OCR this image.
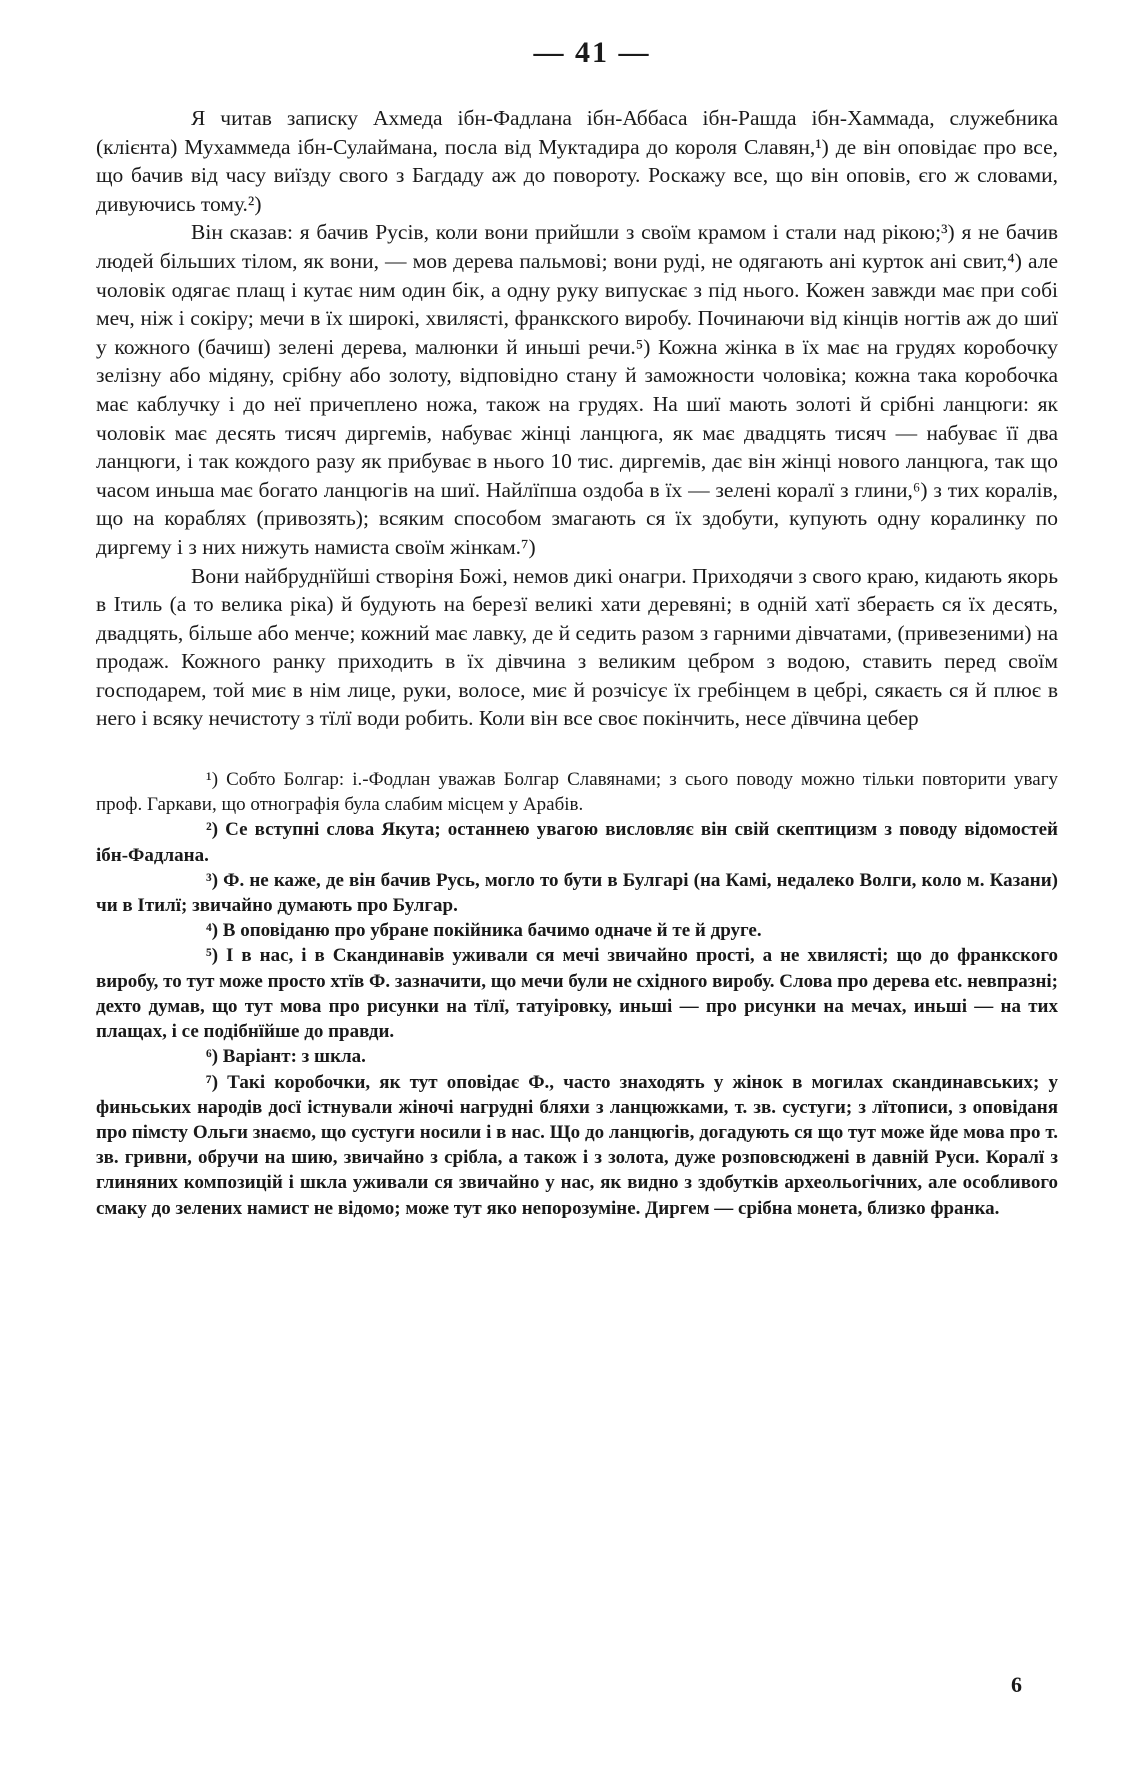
— 41 —

Я читав записку Ахмеда ібн-Фадлана ібн-Аббаса ібн-Рашда ібн-Хаммада, служебника (клієнта) Мухаммеда ібн-Сулаймана, посла від Муктадира до короля Славян,¹) де він оповідає про все, що бачив від часу виїзду свого з Багдаду аж до повороту. Роскажу все, що він оповів, єго ж словами, дивуючись тому.²)

Він сказав: я бачив Русів, коли вони прийшли з своїм крамом і стали над рікою;³) я не бачив людей більших тілом, як вони, — мов дерева пальмові; вони руді, не одягають ані курток ані свит,⁴) але чоловік одягає плащ і кутає ним один бік, а одну руку випускає з під нього. Кожен завжди має при собі меч, ніж і сокіру; мечи в їх широкі, хвилясті, франкского виробу. Починаючи від кінців ногтів аж до шиї у кожного (бачиш) зелені дерева, малюнки й иньші речи.⁵) Кожна жінка в їх має на грудях коробочку зелізну або мідяну, срібну або золоту, відповідно стану й заможности чоловіка; кожна така коробочка має каблучку і до неї причеплено ножа, також на грудях. На шиї мають золоті й срібні ланцюги: як чоловік має десять тисяч диргемів, набуває жінці ланцюга, як має двадцять тисяч — набуває її два ланцюги, і так кождого разу як прибуває в нього 10 тис. диргемів, дає він жінці нового ланцюга, так що часом иньша має богато ланцюгів на шиї. Найлїпша оздоба в їх — зелені коралї з глини,⁶) з тих коралів, що на кораблях (привозять); всяким способом змагають ся їх здобути, купують одну коралинку по диргему і з них нижуть намиста своїм жінкам.⁷)

Вони найбруднїйші створіня Божі, немов дикі онагри. Приходячи з свого краю, кидають якорь в Ітиль (а то велика ріка) й будують на березї великі хати деревяні; в одній хатї збераєть ся їх десять, двадцять, більше або менче; кожний має лавку, де й седить разом з гарними дівчатами, (привезеними) на продаж. Кожного ранку приходить в їх дівчина з великим цебром з водою, ставить перед своїм господарем, той миє в нім лице, руки, волосе, миє й розчісує їх гребінцем в цебрі, сякаєть ся й плює в него і всяку нечистоту з тїлї води робить. Коли він все своє покінчить, несе дївчина цебер

¹) Собто Болгар: і.-Фодлан уважав Болгар Славянами; з сього поводу можно тільки повторити увагу проф. Гаркави, що отнографія була слабим місцем у Арабів.

²) Се вступні слова Якута; останнею увагою висловляє він свій скептицизм з поводу відомостей ібн-Фадлана.

³) Ф. не каже, де він бачив Русь, могло то бути в Булгарі (на Камі, недалеко Волги, коло м. Казани) чи в Ітилї; звичайно думають про Булгар.

⁴) В оповіданю про убране покійника бачимо одначе й те й друге.

⁵) І в нас, і в Скандинавів уживали ся мечі звичайно прості, а не хвилясті; що до франкского виробу, то тут може просто хтїв Ф. зазначити, що мечи були не східного виробу. Слова про дерева etc. невпразні; дехто думав, що тут мова про рисунки на тїлї, татуіровку, иньші — про рисунки на мечах, иньші — на тих плащах, і се подібнїйше до правди.

⁶) Варіант: з шкла.

⁷) Такі коробочки, як тут оповідає Ф., часто знаходять у жінок в могилах скандинавських; у финьських народів досї істнували жіночі нагрудні бляхи з ланцюжками, т. зв. сустуги; з лїтописи, з оповіданя про пімсту Ольги знаємо, що сустуги носили і в нас. Що до ланцюгів, догадують ся що тут може йде мова про т. зв. гривни, обручи на шию, звичайно з срібла, а також і з золота, дуже розповсюджені в давній Руси. Коралї з глиняних композицій і шкла уживали ся звичайно у нас, як видно з здобутків археольогічних, але особливого смаку до зелених намист не відомо; може тут яко непорозуміне. Диргем — срібна монета, близко франка.

6
